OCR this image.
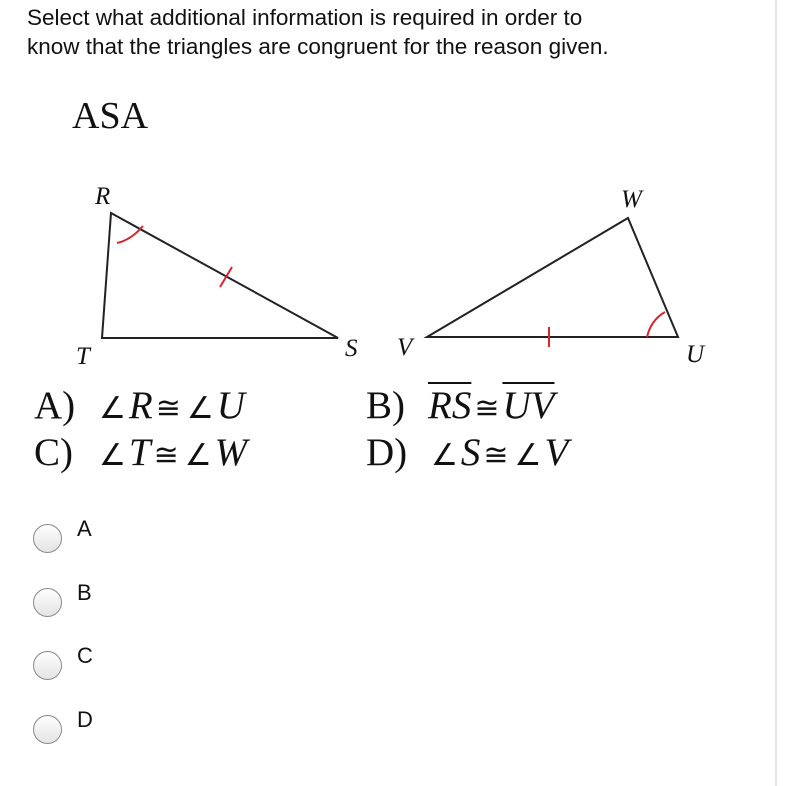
Select what additional information is required in order to
know that the triangles are congruent for the reason given.
ASA
R
T	S V
W
U
A) ∠R ≅ ∠U
C) ∠T ≅ ∠W
B) $\overline{RS}$ $≅\overline{UV}$
D) ∠S ≅ ∠V
A
B
C
D
